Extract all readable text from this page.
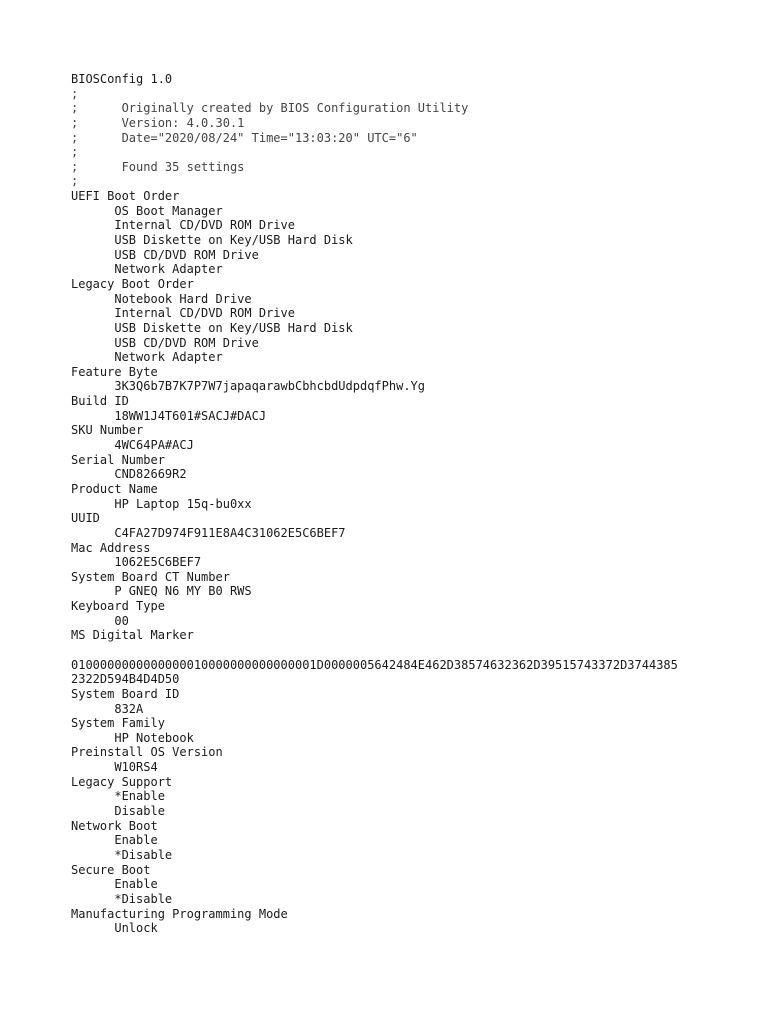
BIOSConfig 1.0
;
;      Originally created by BIOS Configuration Utility
;      Version: 4.0.30.1
;      Date="2020/08/24" Time="13:03:20" UTC="6"
;
;      Found 35 settings
;
UEFI Boot Order
OS Boot Manager
Internal CD/DVD ROM Drive
USB Diskette on Key/USB Hard Disk
USB CD/DVD ROM Drive
Network Adapter
Legacy Boot Order
Notebook Hard Drive
Internal CD/DVD ROM Drive
USB Diskette on Key/USB Hard Disk
USB CD/DVD ROM Drive
Network Adapter
Feature Byte
3K3Q6b7B7K7P7W7japaqarawbCbhcbdUdpdqfPhw.Yg
Build ID
18WW1J4T601#SACJ#DACJ
SKU Number
4WC64PA#ACJ
Serial Number
CND82669R2
Product Name
HP Laptop 15q-bu0xx
UUID
C4FA27D974F911E8A4C31062E5C6BEF7
Mac Address
1062E5C6BEF7
System Board CT Number
P GNEQ N6 MY B0 RWS
Keyboard Type
00
MS Digital Marker
0100000000000000010000000000000001D0000005642484E462D38574632362D39515743372D3744385
2322D594B4D4D50
System Board ID
832A
System Family
HP Notebook
Preinstall OS Version
W10RS4
Legacy Support
*Enable
Disable
Network Boot
Enable
*Disable
Secure Boot
Enable
*Disable
Manufacturing Programming Mode
Unlock
